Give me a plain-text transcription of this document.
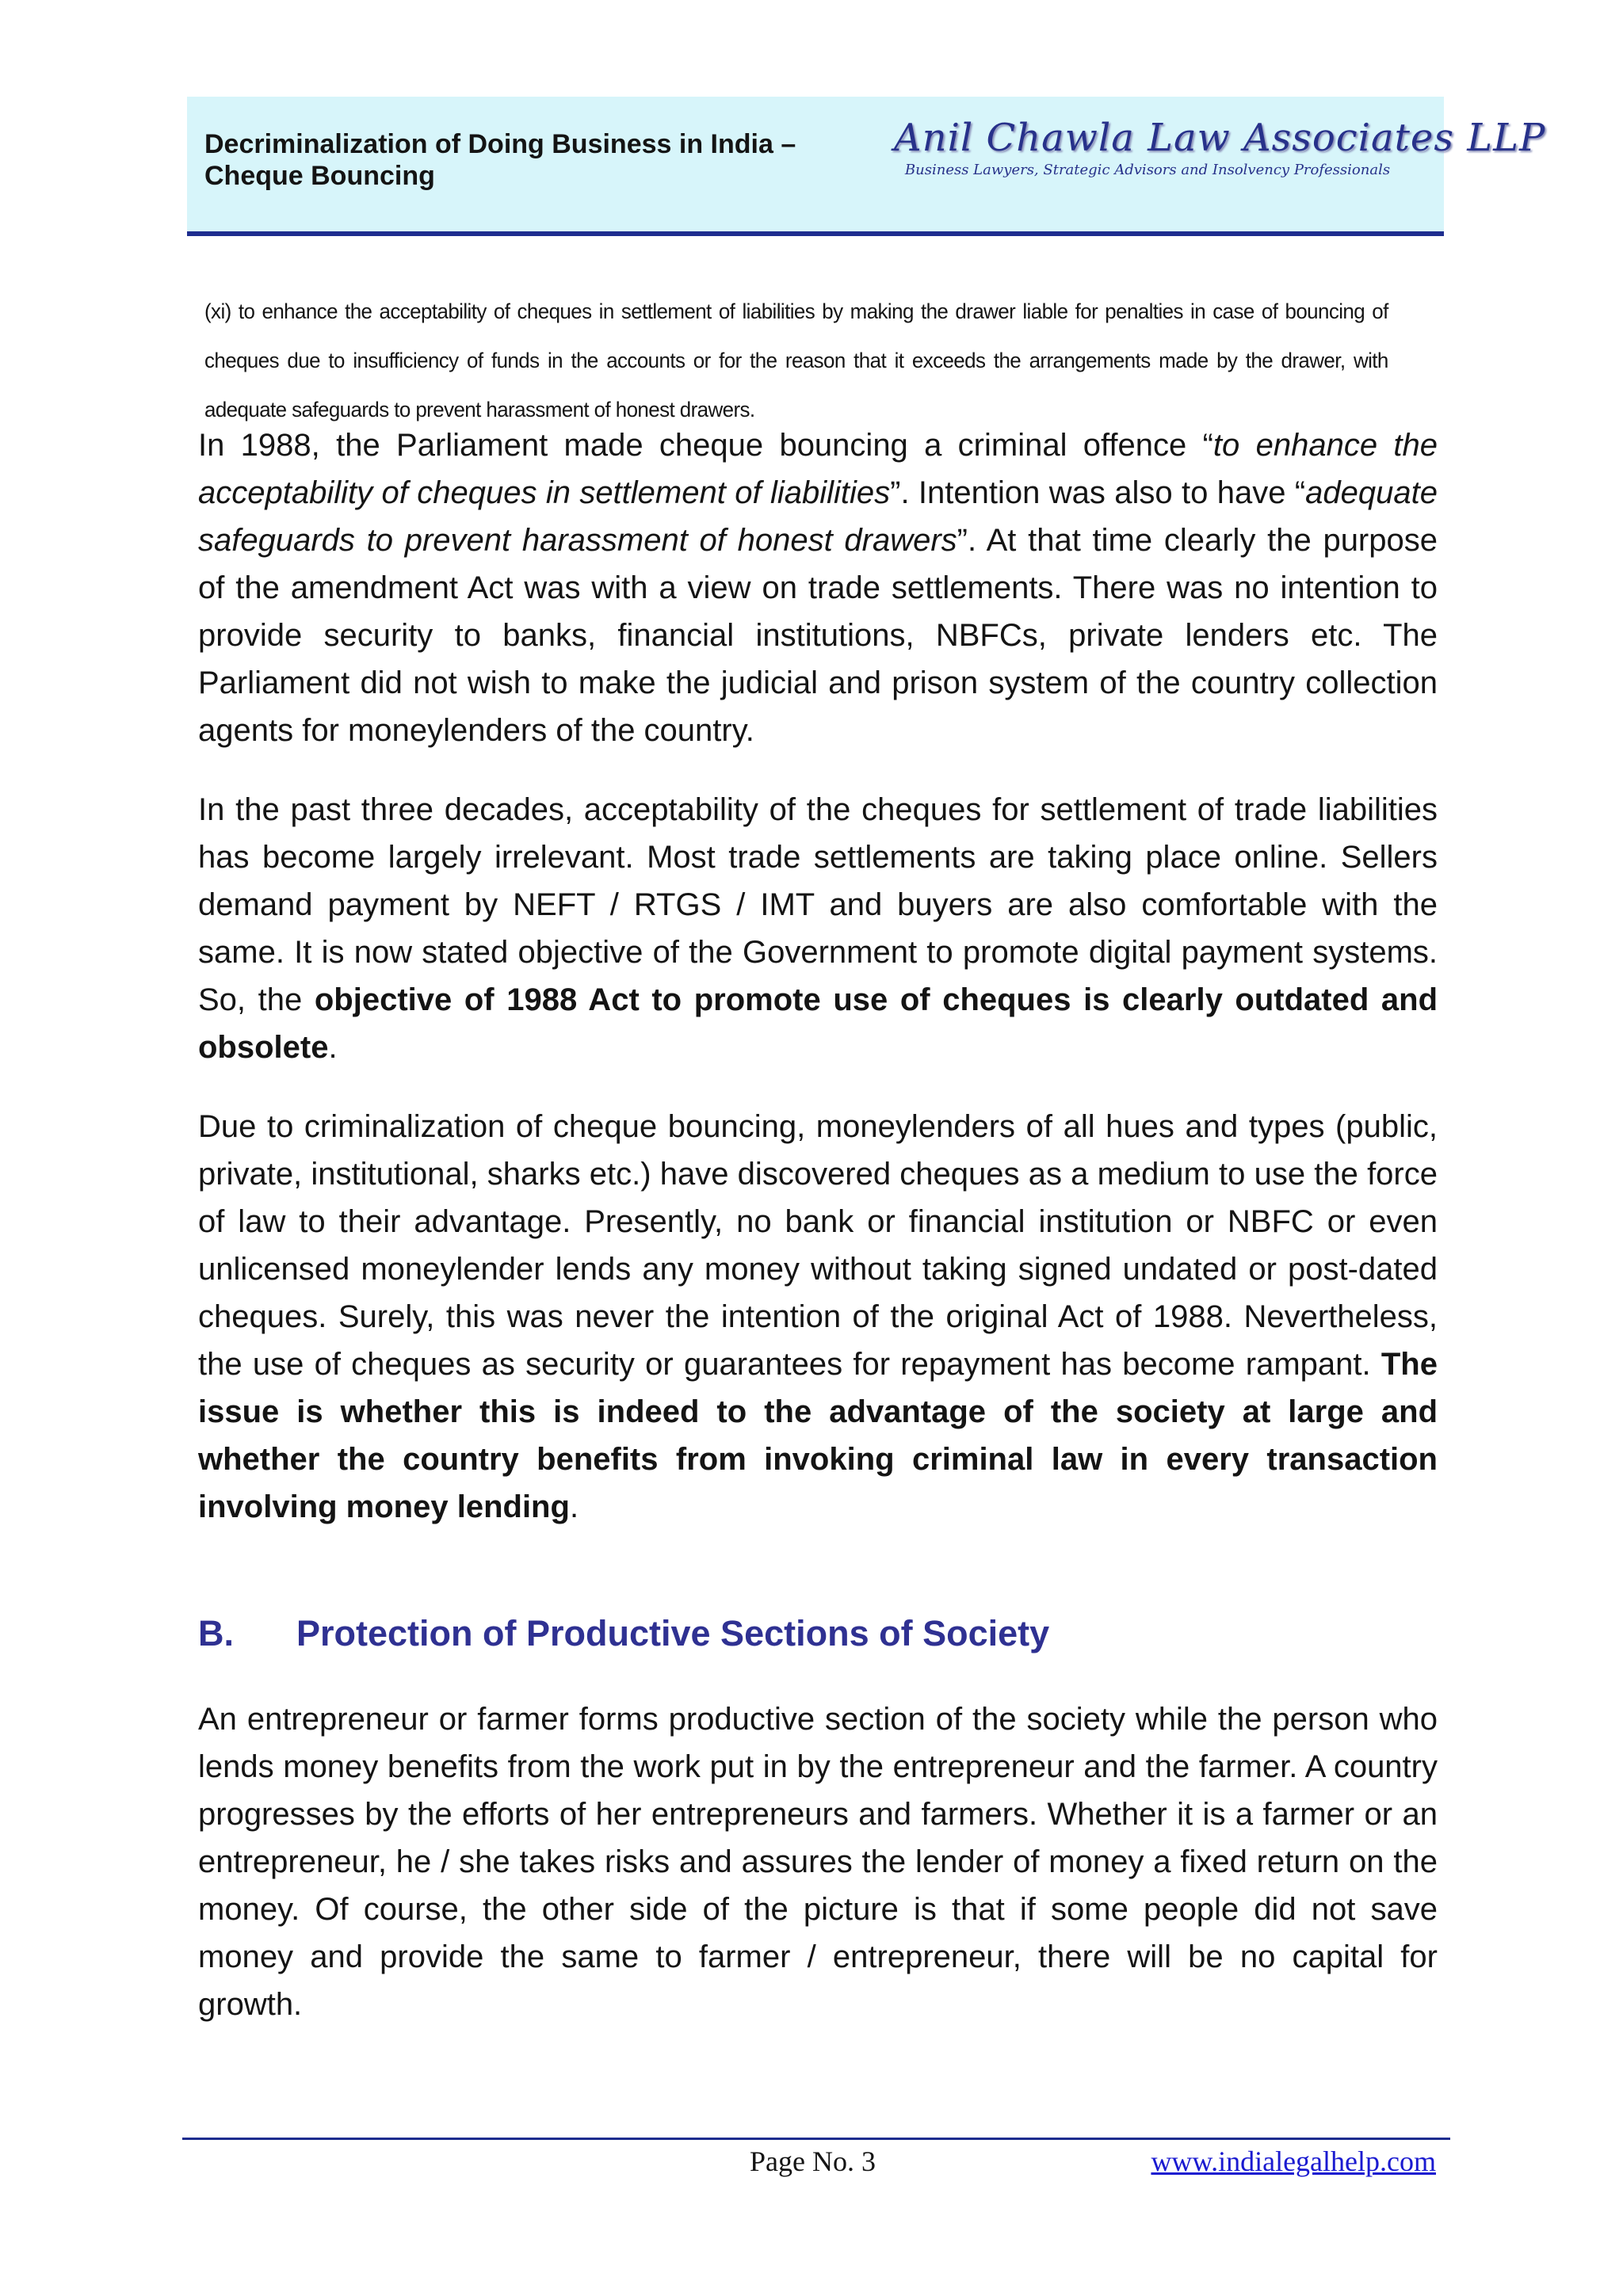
Decriminalization of Doing Business in India –
Cheque Bouncing
Anil Chawla Law Associates LLP
Business Lawyers, Strategic Advisors and Insolvency Professionals
(xi) to enhance the acceptability of cheques in settlement of liabilities by making the drawer liable for penalties in case of bouncing of cheques due to insufficiency of funds in the accounts or for the reason that it exceeds the arrangements made by the drawer, with adequate safeguards to prevent harassment of honest drawers.

In 1988, the Parliament made cheque bouncing a criminal offence “to enhance the acceptability of cheques in settlement of liabilities”. Intention was also to have “adequate safeguards to prevent harassment of honest drawers”. At that time clearly the purpose of the amendment Act was with a view on trade settlements. There was no intention to provide security to banks, financial institutions, NBFCs, private lenders etc. The Parliament did not wish to make the judicial and prison system of the country collection agents for moneylenders of the country.

In the past three decades, acceptability of the cheques for settlement of trade liabilities has become largely irrelevant. Most trade settlements are taking place online. Sellers demand payment by NEFT / RTGS / IMT and buyers are also comfortable with the same. It is now stated objective of the Government to promote digital payment systems. So, the objective of 1988 Act to promote use of cheques is clearly outdated and obsolete.

Due to criminalization of cheque bouncing, moneylenders of all hues and types (public, private, institutional, sharks etc.) have discovered cheques as a medium to use the force of law to their advantage. Presently, no bank or financial institution or NBFC or even unlicensed moneylender lends any money without taking signed undated or post-dated cheques. Surely, this was never the intention of the original Act of 1988. Nevertheless, the use of cheques as security or guarantees for repayment has become rampant. The issue is whether this is indeed to the advantage of the society at large and whether the country benefits from invoking criminal law in every transaction involving money lending.

B.	Protection of Productive Sections of Society

An entrepreneur or farmer forms productive section of the society while the person who lends money benefits from the work put in by the entrepreneur and the farmer. A country progresses by the efforts of her entrepreneurs and farmers. Whether it is a farmer or an entrepreneur, he / she takes risks and assures the lender of money a fixed return on the money. Of course, the other side of the picture is that if some people did not save money and provide the same to farmer / entrepreneur, there will be no capital for growth.

Page No. 3	www.indialegalhelp.com
